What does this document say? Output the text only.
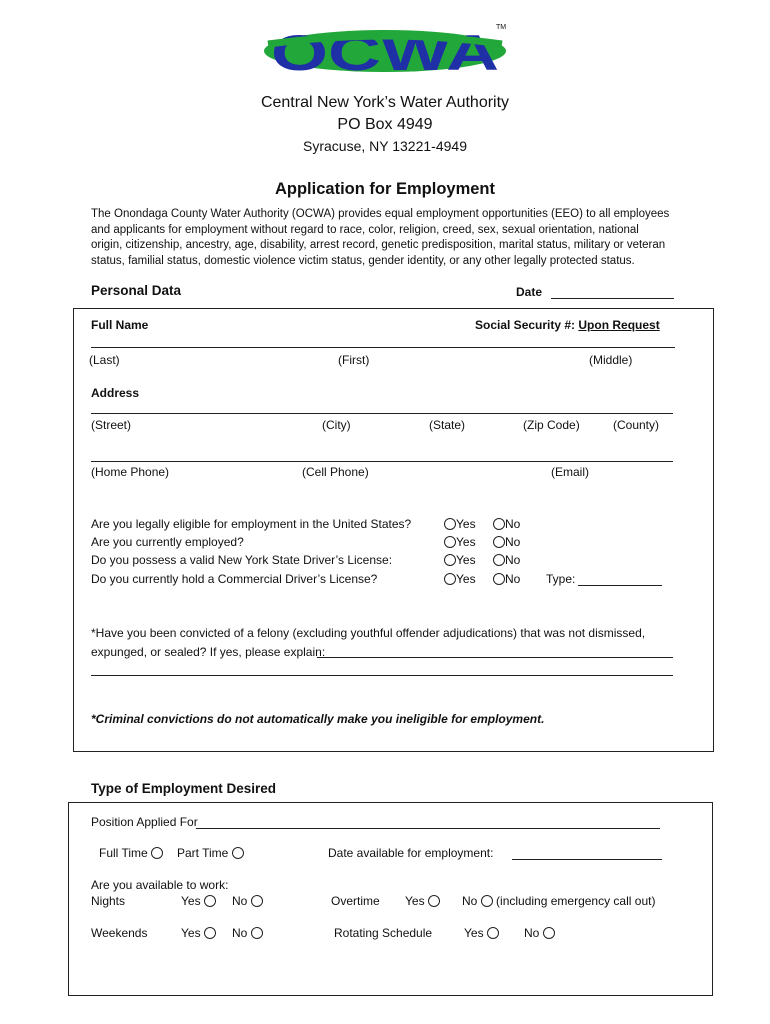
OCWA
TM
Central New York’s Water Authority
PO Box 4949
Syracuse, NY 13221-4949
Application for Employment
The Onondaga County Water Authority (OCWA) provides equal employment opportunities (EEO) to all employees
and applicants for employment without regard to race, color, religion, creed, sex, sexual orientation, national
origin, citizenship, ancestry, age, disability, arrest record, genetic predisposition, marital status, military or veteran
status, familial status, domestic violence victim status, gender identity, or any other legally protected status.
Personal Data	Date
Full Name	Social Security #: Upon Request
(Last)	(First)	(Middle)
Address
(Street)	(City)	(State)	(Zip Code)	(County)
(Home Phone)	(Cell Phone)	(Email)
Are you legally eligible for employment in the United States?	Yes	No
Are you currently employed?	Yes	No
Do you possess a valid New York State Driver’s License:	Yes	No
Do you currently hold a Commercial Driver’s License?	Yes	No Type:
*Have you been convicted of a felony (excluding youthful offender adjudications) that was not dismissed,
expunged, or sealed? If yes, please explain:
*Criminal convictions do not automatically make you ineligible for employment.
Type of Employment Desired
Position Applied For
Full Time	Part Time	Date available for employment:
Are you available to work:
Nights	Yes	No	Overtime Yes	No (including emergency call out)
Weekends	Yes	No	Rotating Schedule	Yes	No
